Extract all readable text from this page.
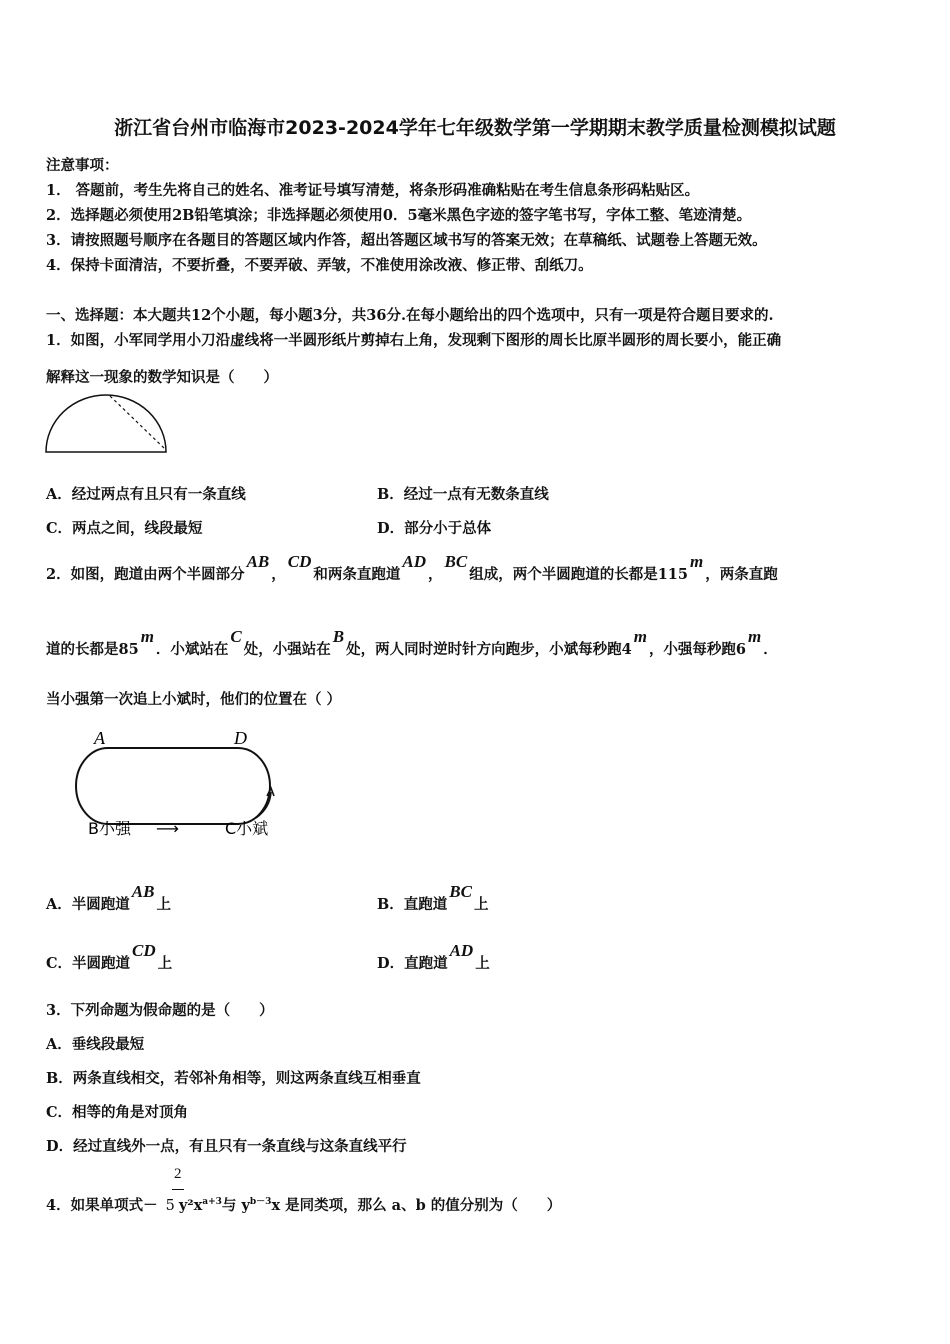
浙江省台州市临海市2023-2024学年七年级数学第一学期期末教学质量检测模拟试题
注意事项：
1． 答题前，考生先将自己的姓名、准考证号填写清楚，将条形码准确粘贴在考生信息条形码粘贴区。
2．选择题必须使用2B铅笔填涂；非选择题必须使用0．5毫米黑色字迹的签字笔书写，字体工整、笔迹清楚。
3．请按照题号顺序在各题目的答题区域内作答，超出答题区域书写的答案无效；在草稿纸、试题卷上答题无效。
4．保持卡面清洁，不要折叠，不要弄破、弄皱，不准使用涂改液、修正带、刮纸刀。
一、选择题：本大题共12个小题，每小题3分，共36分.在每小题给出的四个选项中，只有一项是符合题目要求的.
1．如图，小军同学用小刀沿虚线将一半圆形纸片剪掉右上角，发现剩下图形的周长比原半圆形的周长要小，能正确
解释这一现象的数学知识是（　　）
A．经过两点有且只有一条直线	B．经过一点有无数条直线
C．两点之间，线段最短	D．部分小于总体
2．如图，跑道由两个半圆部分AB，CD和两条直跑道AD，BC组成，两个半圆跑道的长都是115m，两条直跑
道的长都是85m．小斌站在C处，小强站在B处，两人同时逆时针方向跑步，小斌每秒跑4m，小强每秒跑6m．
当小强第一次追上小斌时，他们的位置在（ ）
A	D
B小强 ⟶	C小斌
A．半圆跑道AB上	B．直跑道BC上
C．半圆跑道CD上	D．直跑道AD上
3．下列命题为假命题的是（　　）
A．垂线段最短
B．两条直线相交，若邻补角相等，则这两条直线互相垂直
C．相等的角是对顶角
D．经过直线外一点，有且只有一条直线与这条直线平行
2
4．如果单项式－ 5 $y^2x^{a+3}$与 $y^{b-3}x$ 是同类项，那么 a、b 的值分别为（　　）
